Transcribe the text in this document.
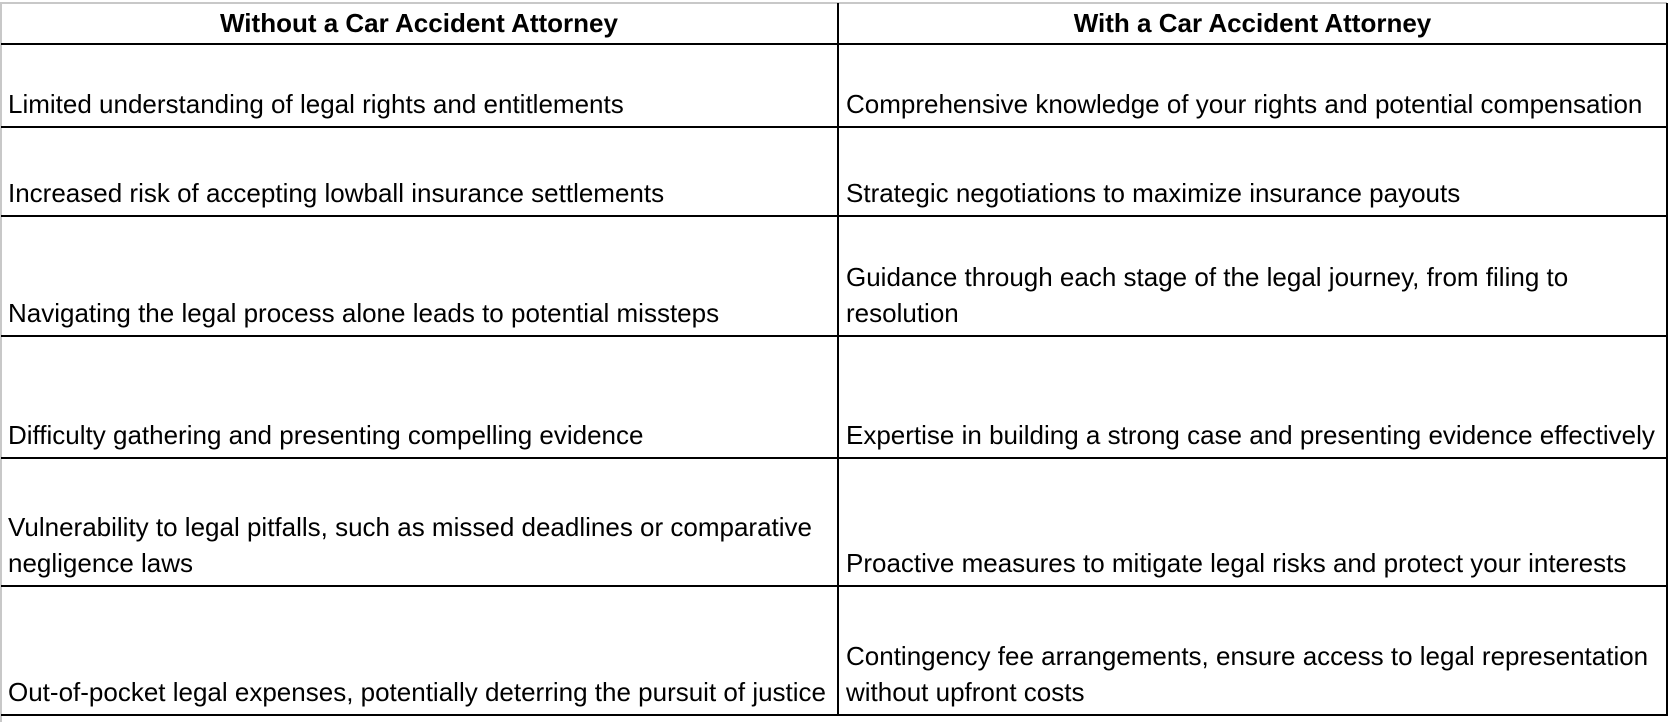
Without a Car Accident Attorney	With a Car Accident Attorney
Limited understanding of legal rights and entitlements	Comprehensive knowledge of your rights and potential compensation
Increased risk of accepting lowball insurance settlements	Strategic negotiations to maximize insurance payouts
Navigating the legal process alone leads to potential missteps	Guidance through each stage of the legal journey, from filing to resolution
Difficulty gathering and presenting compelling evidence	Expertise in building a strong case and presenting evidence effectively
Vulnerability to legal pitfalls, such as missed deadlines or comparative negligence laws	Proactive measures to mitigate legal risks and protect your interests
Out-of-pocket legal expenses, potentially deterring the pursuit of justice	Contingency fee arrangements, ensure access to legal representation without upfront costs
